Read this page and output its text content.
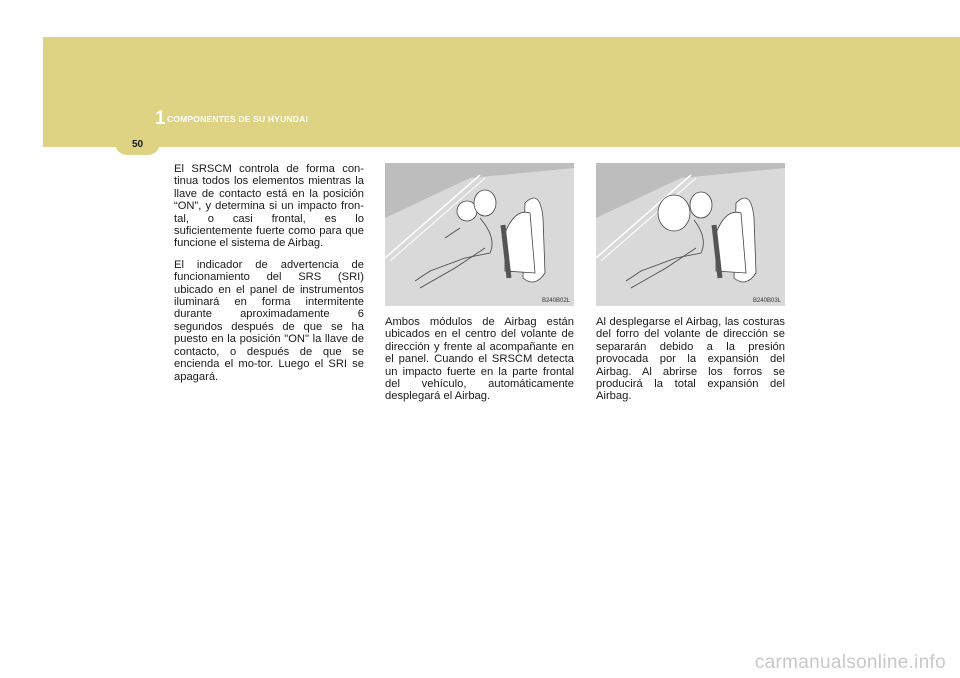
1 COMPONENTES DE SU HYUNDAI
50

El SRSCM controla de forma con-tinua todos los elementos mientras la llave de contacto está en la posición “ON”, y determina si un impacto fron-tal, o casi frontal, es lo suficientemente fuerte como para que funcione el sistema de Airbag.

El indicador de advertencia de funcionamiento del SRS (SRI) ubicado en el panel de instrumentos iluminará en forma intermitente durante aproximadamente 6 segundos después de que se ha puesto en la posición "ON" la llave de contacto, o después de que se encienda el mo-tor. Luego el SRI se apagará.

B240B02L	B240B03L

Ambos módulos de Airbag están ubicados en el centro del volante de dirección y frente al acompañante en el panel. Cuando el SRSCM detecta un impacto fuerte en la parte frontal del vehículo, automáticamente desplegará el Airbag.

Al desplegarse el Airbag, las costuras del forro del volante de dirección se separarán debido a la presión provocada por la expansión del Airbag. Al abrirse los forros se producirá la total expansión del Airbag.

carmanualsonline.info
